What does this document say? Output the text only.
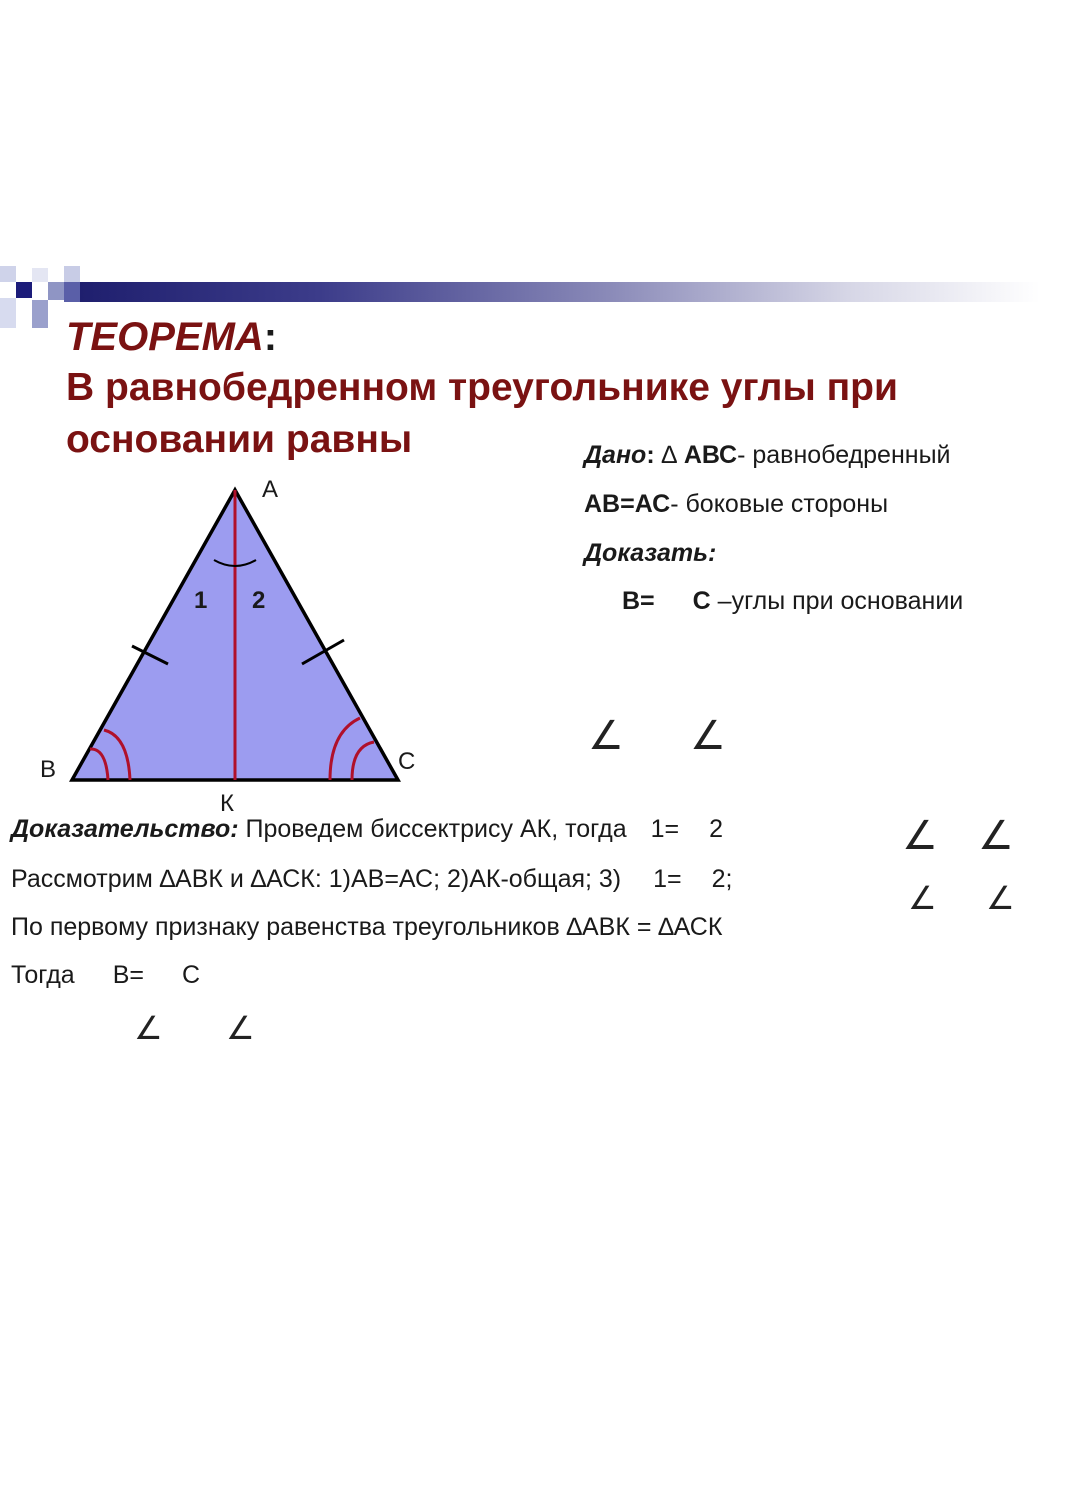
ТЕОРЕМА:

В равнобедренном треугольнике углы при основании равны	Дано: ∆ АВС- равнобедренный
АВ=АС- боковые стороны
Доказать:
В= С –углы при основании
∠ ∠
А
В	С
К
1 2
Доказательство: Проведем биссектрису АК, тогда 1= 2
Рассмотрим ∆АВК и ∆АСК: 1)АВ=АС; 2)АК-общая; 3) 1= 2;
По первому признаку равенства треугольников ∆АВК = ∆АСК
Тогда В= С
∠ ∠
∠ ∠
∠ ∠
